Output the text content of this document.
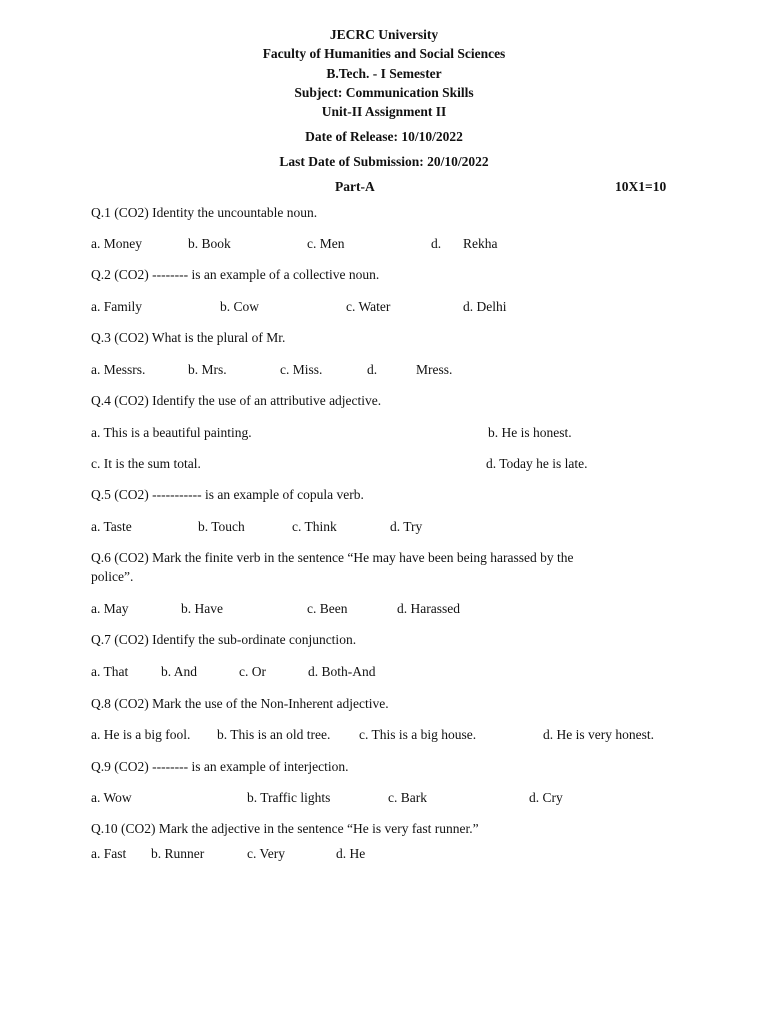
JECRC University
Faculty of Humanities and Social Sciences
B.Tech. - I Semester
Subject: Communication Skills
Unit-II Assignment II
Date of Release: 10/10/2022
Last Date of Submission: 20/10/2022
Part-A	10X1=10
Q.1 (CO2) Identity the uncountable noun.
a. Money	b. Book	c. Men	d. Rekha
Q.2 (CO2) -------- is an example of a collective noun.
a. Family	b. Cow	c. Water	d. Delhi
Q.3 (CO2) What is the plural of Mr.
a. Messrs.	b. Mrs.	c. Miss.	d.	Mress.
Q.4 (CO2) Identify the use of an attributive adjective.
a. This is a beautiful painting.	b. He is honest.
c. It is the sum total.	d. Today he is late.
Q.5 (CO2) ----------- is an example of copula verb.
a. Taste	b. Touch	c. Think	d. Try
Q.6 (CO2) Mark the finite verb in the sentence “He may have been being harassed by the
police”.
a. May	b. Have	c. Been	d. Harassed
Q.7 (CO2) Identify the sub-ordinate conjunction.
a. That b. And	c. Or	d. Both-And
Q.8 (CO2) Mark the use of the Non-Inherent adjective.
a. He is a big fool. b. This is an old tree. c. This is a big house.	d. He is very honest.
Q.9 (CO2) -------- is an example of interjection.
a. Wow	b. Traffic lights	c. Bark	d. Cry
Q.10 (CO2) Mark the adjective in the sentence “He is very fast runner.”
a. Fast b. Runner	c. Very	d. He
